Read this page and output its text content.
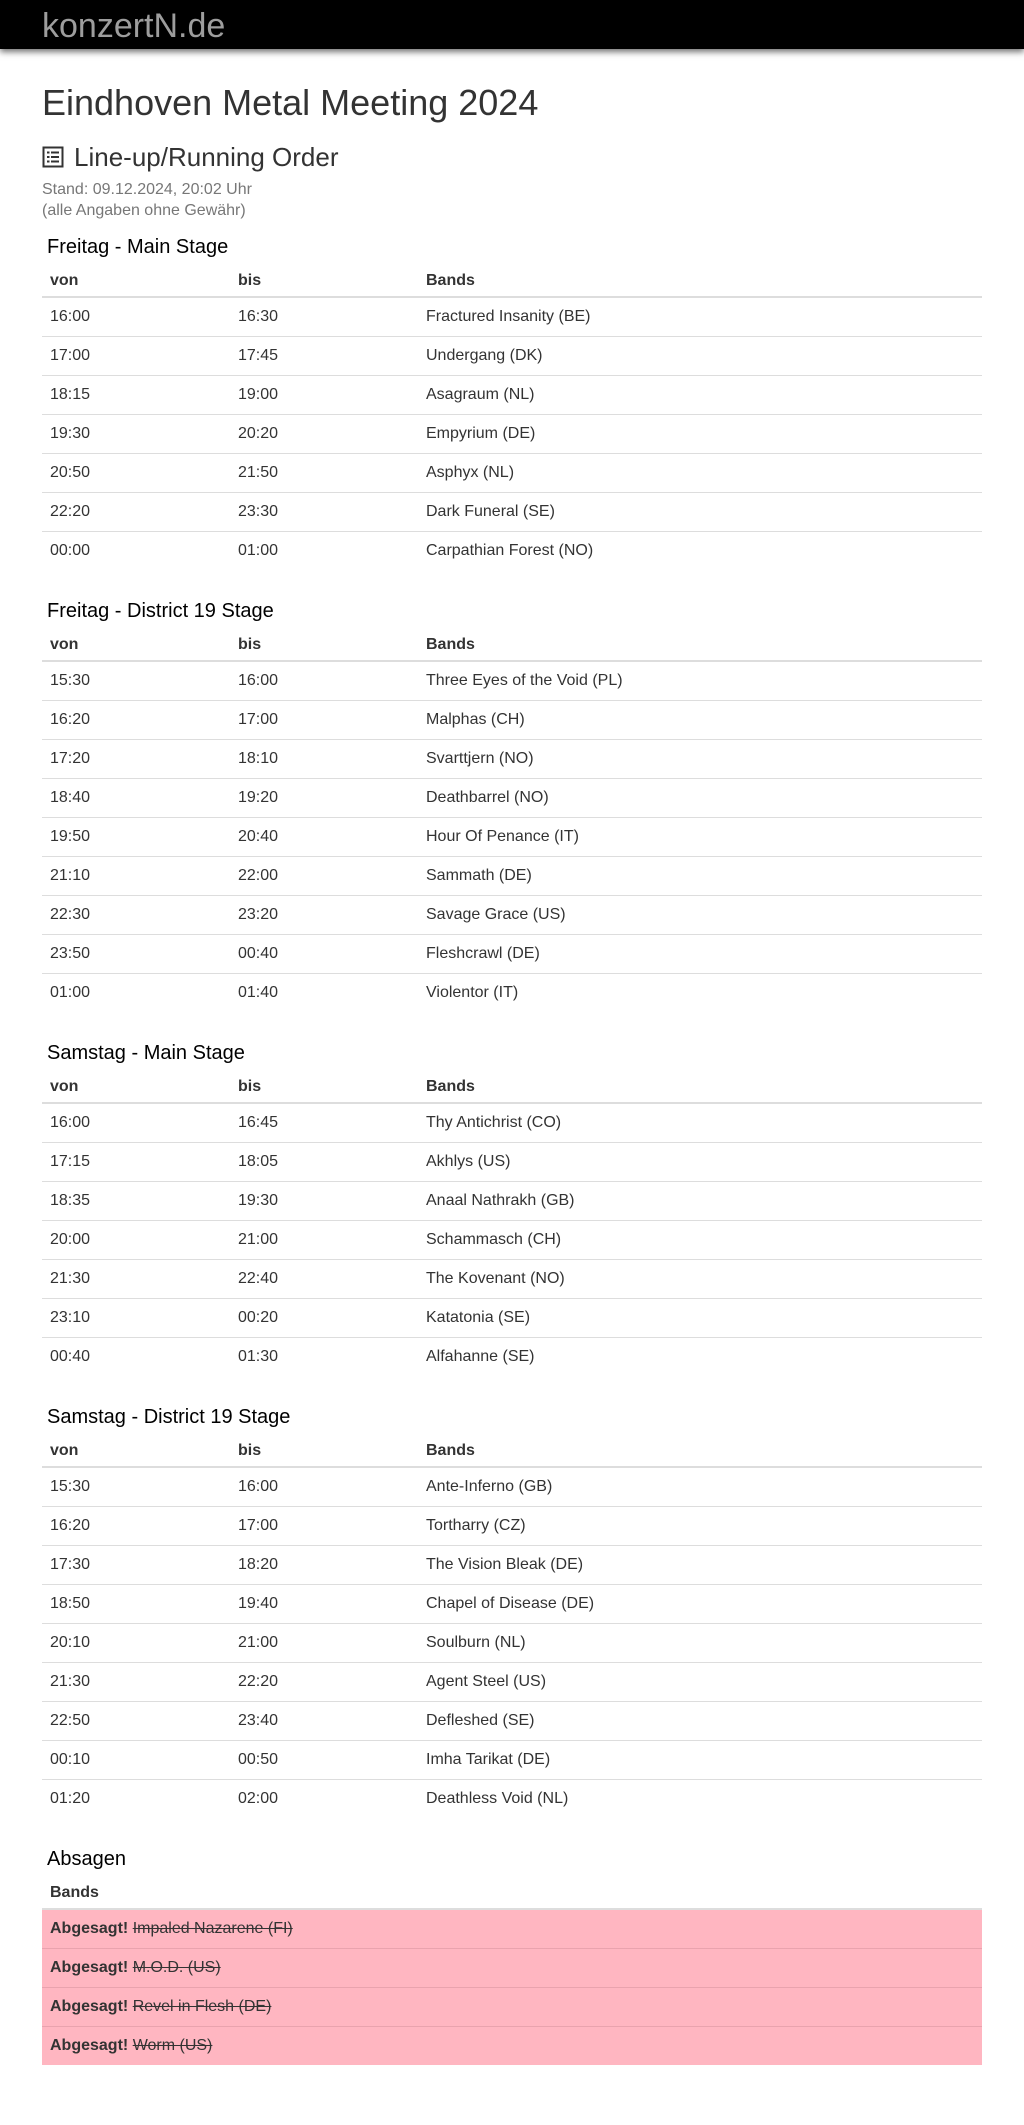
konzertN.de
Eindhoven Metal Meeting 2024
Line-up/Running Order
Stand: 09.12.2024, 20:02 Uhr
(alle Angaben ohne Gewähr)
Freitag - Main Stage
von	bis	Bands
16:00	16:30	Fractured Insanity (BE)
17:00	17:45	Undergang (DK)
18:15	19:00	Asagraum (NL)
19:30	20:20	Empyrium (DE)
20:50	21:50	Asphyx (NL)
22:20	23:30	Dark Funeral (SE)
00:00	01:00	Carpathian Forest (NO)
Freitag - District 19 Stage
von	bis	Bands
15:30	16:00	Three Eyes of the Void (PL)
16:20	17:00	Malphas (CH)
17:20	18:10	Svarttjern (NO)
18:40	19:20	Deathbarrel (NO)
19:50	20:40	Hour Of Penance (IT)
21:10	22:00	Sammath (DE)
22:30	23:20	Savage Grace (US)
23:50	00:40	Fleshcrawl (DE)
01:00	01:40	Violentor (IT)
Samstag - Main Stage
von	bis	Bands
16:00	16:45	Thy Antichrist (CO)
17:15	18:05	Akhlys (US)
18:35	19:30	Anaal Nathrakh (GB)
20:00	21:00	Schammasch (CH)
21:30	22:40	The Kovenant (NO)
23:10	00:20	Katatonia (SE)
00:40	01:30	Alfahanne (SE)
Samstag - District 19 Stage
von	bis	Bands
15:30	16:00	Ante-Inferno (GB)
16:20	17:00	Tortharry (CZ)
17:30	18:20	The Vision Bleak (DE)
18:50	19:40	Chapel of Disease (DE)
20:10	21:00	Soulburn (NL)
21:30	22:20	Agent Steel (US)
22:50	23:40	Defleshed (SE)
00:10	00:50	Imha Tarikat (DE)
01:20	02:00	Deathless Void (NL)
Absagen
Bands
Abgesagt! Impaled Nazarene (FI)
Abgesagt! M.O.D. (US)
Abgesagt! Revel in Flesh (DE)
Abgesagt! Worm (US)
